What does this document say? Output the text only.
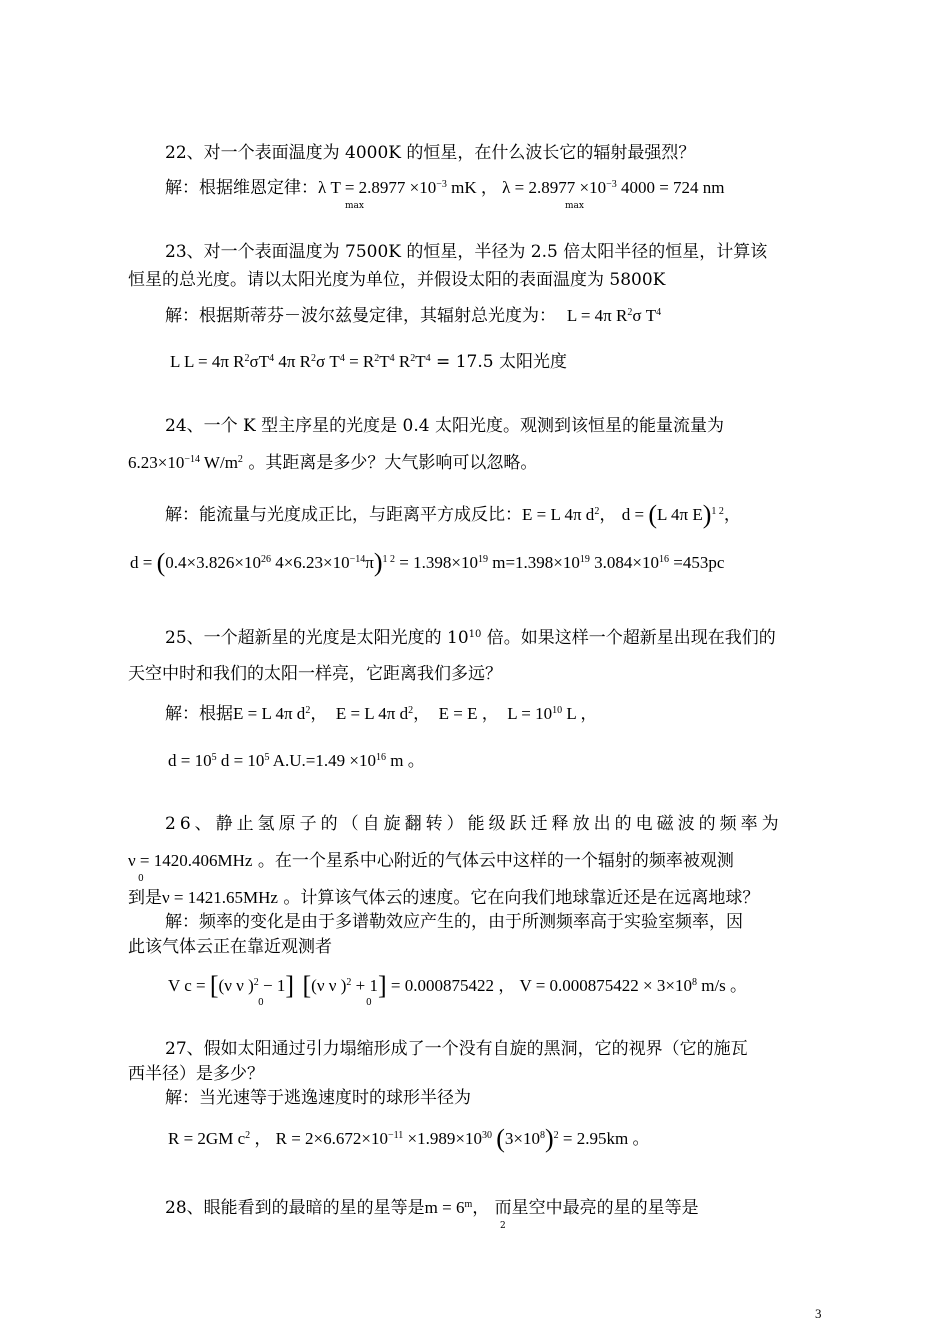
22、对一个表面温度为 4000K 的恒星，在什么波长它的辐射最强烈？
解：根据维恩定律：λ $T = 2.8977 \times 10^{-3}$ mK ， $\lambda = 2.8977 \times 10^{-3}$ 4000 = 724 nm
max	max
23、对一个表面温度为 7500K 的恒星，半径为 2.5 倍太阳半径的恒星，计算该
恒星的总光度。请以太阳光度为单位，并假设太阳的表面温度为 5800K
解：根据斯蒂芬－波尔兹曼定律，其辐射总光度为： L = 4π $R^2\sigma$ $T^4$
L L = 4π $R^2\sigma T^4$ 4π $R^2\sigma$ $T^4 = R^2T^4$ $R^2T^4 = 17.5$ 太阳光度
24、一个 K 型主序星的光度是 0.4 太阳光度。观测到该恒星的能量流量为
$6.23\times 10^{-14}$ $W/m^2$ 。其距离是多少？大气影响可以忽略。
解：能流量与光度成正比，与距离平方成反比：E = L 4π $d^2$， d = (L 4π E)$^{1 2}$，
$d = (0.4\times 3.826\times 10^{26}$ $4\times 6.23\times 10^{-14}\pi)^{1 2} = 1.398\times 10^{19}$ $m=1.398\times 10^{19}$ $3.084\times 10^{16} =453pc$
25、一个超新星的光度是太阳光度的 $10^{10}$ 倍。如果这样一个超新星出现在我们的
天空中时和我们的太阳一样亮，它距离我们多远？
解：根据E = L 4π $d^2$， E = L 4π $d^2$， E = E ， $L = 10^{10}$ L ，
$d = 10^5$ $d = 10^5$ $A.U.=1.49 \times 10^{16}$ m 。
26、静止氢原子的（自旋翻转）能级跃迁释放出的电磁波的频率为
ν = 1420.406MHz 。在一个星系中心附近的气体云中这样的一个辐射的频率被观测
0
到是ν = 1421.65MHz 。计算该气体云的速度。它在向我们地球靠近还是在远离地球？
解：频率的变化是由于多谱勒效应产生的，由于所测频率高于实验室频率，因
此该气体云正在靠近观测者
V c = [(ν ν )$^2$ − 1] [(ν ν )$^2$ + 1] = 0.000875422 ， $V = 0.000875422 \times 3\times 10^8$ m/s 。
0	0
27、假如太阳通过引力塌缩形成了一个没有自旋的黑洞，它的视界（它的施瓦
西半径）是多少？
解：当光速等于逃逸速度时的球形半径为
R = 2GM $c^2$ ， $R = 2\times 6.672\times 10^{-11} \times 1.989\times 10^{30}$ $(3\times 10^8)^2 = 2.95km$ 。
28、眼能看到的最暗的星的星等是$m = 6^m$， 而星空中最亮的星的星等是
2
3
